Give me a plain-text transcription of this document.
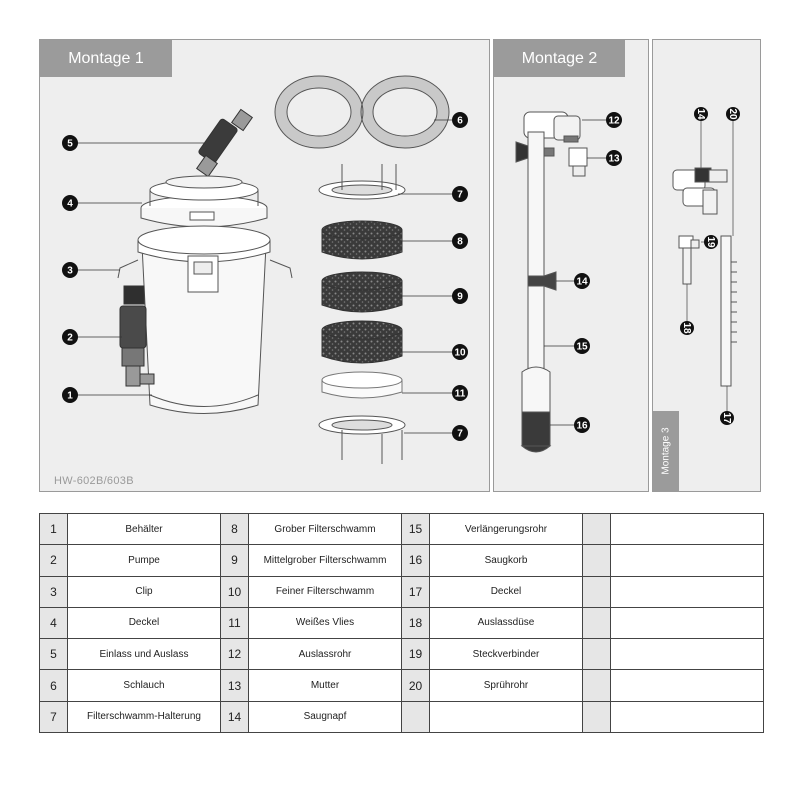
Montage 1
1
2
3
4
5
6
7
8
9
10
11
7
HW-602B/603B
Montage 2
12
13
14
15
16
14 20
19
18
17
Montage 3
1	Behälter	8	Grober Filterschwamm	15	Verlängerungsrohr		
2	Pumpe	9	Mittelgrober Filterschwamm	16	Saugkorb		
3	Clip	10	Feiner Filterschwamm	17	Deckel		
4	Deckel	11	Weißes Vlies	18	Auslassdüse		
5	Einlass und Auslass	12	Auslassrohr	19	Steckverbinder		
6	Schlauch	13	Mutter	20	Sprührohr		
7	Filterschwamm-Halterung	14	Saugnapf				
